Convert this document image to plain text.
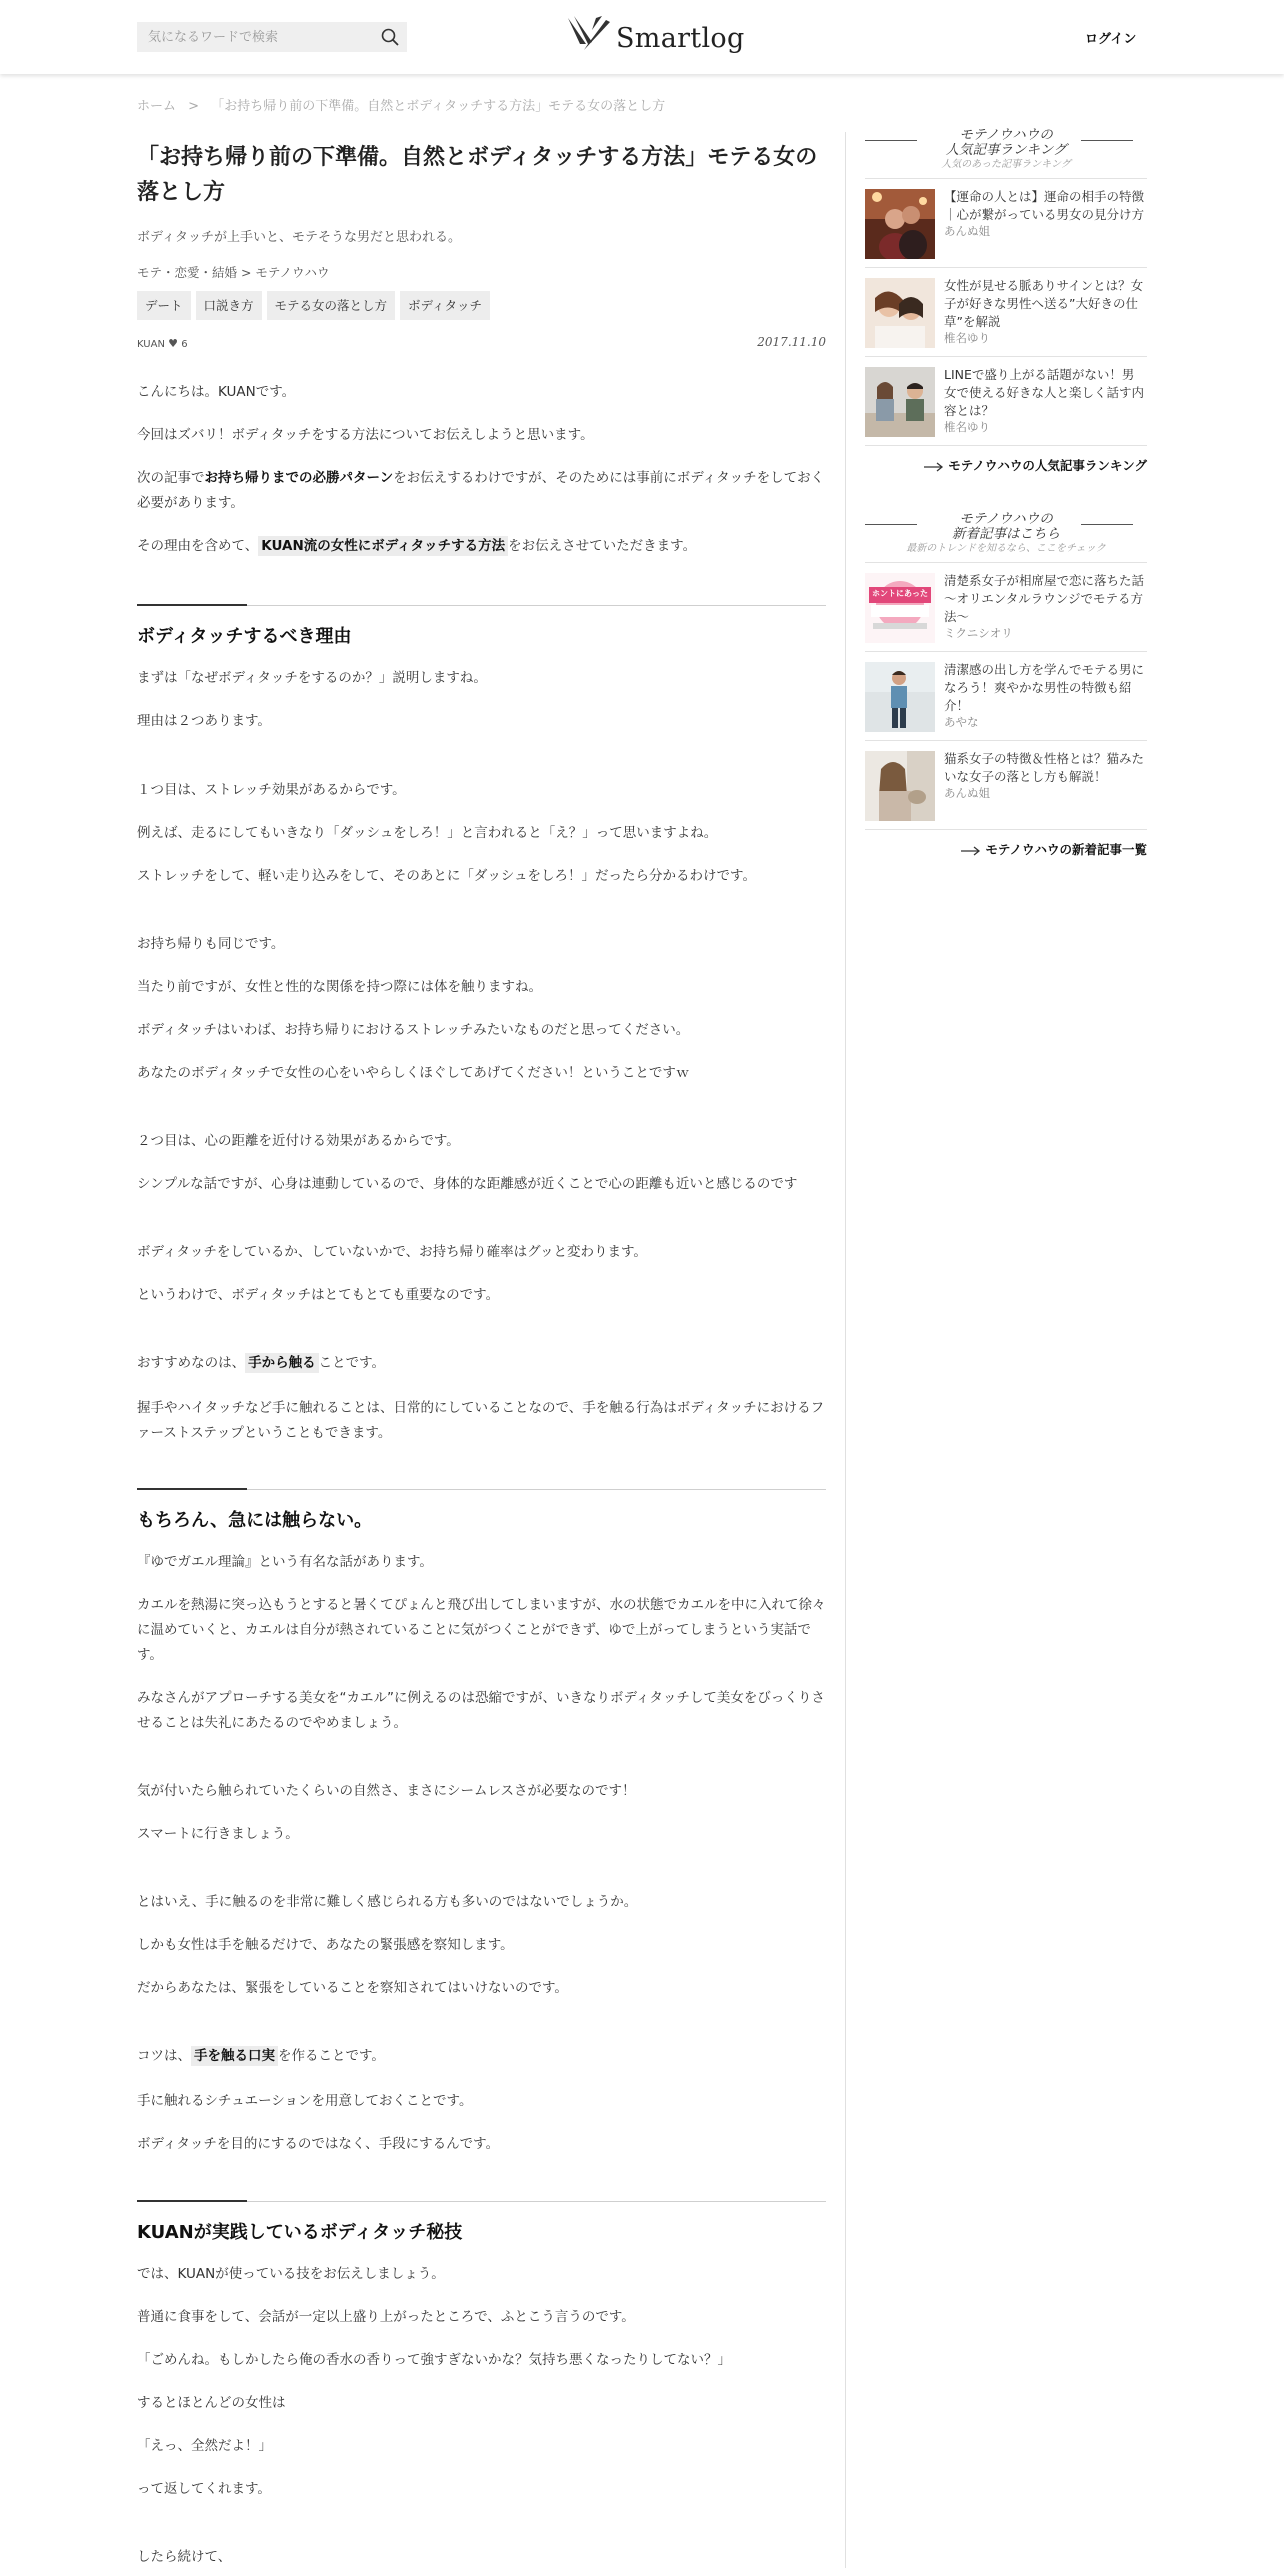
気になるワードで検索
Smartlog	ログイン
ホーム > 「お持ち帰り前の下準備。自然とボディタッチする方法」モテる女の落とし方
「お持ち帰り前の下準備。自然とボディタッチする方法」モテる女の落とし方
ボディタッチが上手いと、モテそうな男だと思われる。
モテ・恋愛・結婚 > モテノウハウ
デート	口説き方	モテる女の落とし方	ボディタッチ
KUAN ♥ 6	2017.11.10

こんにちは。KUANです。

今回はズバリ！ボディタッチをする方法についてお伝えしようと思います。

次の記事でお持ち帰りまでの必勝パターンをお伝えするわけですが、そのためには事前にボディタッチをしておく必要があります。

その理由を含めて、 KUAN流の女性にボディタッチする方法 をお伝えさせていただきます。

ボディタッチするべき理由

まずは「なぜボディタッチをするのか？」説明しますね。

理由は２つあります。

１つ目は、ストレッチ効果があるからです。

例えば、走るにしてもいきなり「ダッシュをしろ！」と言われると「え？」って思いますよね。

ストレッチをして、軽い走り込みをして、そのあとに「ダッシュをしろ！」だったら分かるわけです。

お持ち帰りも同じです。

当たり前ですが、女性と性的な関係を持つ際には体を触りますね。

ボディタッチはいわば、お持ち帰りにおけるストレッチみたいなものだと思ってください。

あなたのボディタッチで女性の心をいやらしくほぐしてあげてください！ということですｗ

２つ目は、心の距離を近付ける効果があるからです。

シンプルな話ですが、心身は連動しているので、身体的な距離感が近くことで心の距離も近いと感じるのです

ボディタッチをしているか、していないかで、お持ち帰り確率はグッと変わります。

というわけで、ボディタッチはとてもとても重要なのです。

おすすめなのは、 手から触る ことです。

握手やハイタッチなど手に触れることは、日常的にしていることなので、手を触る行為はボディタッチにおけるファーストステップということもできます。

もちろん、急には触らない。

『ゆでガエル理論』という有名な話があります。

カエルを熱湯に突っ込もうとすると暑くてぴょんと飛び出してしまいますが、水の状態でカエルを中に入れて徐々に温めていくと、カエルは自分が熱されていることに気がつくことができず、ゆで上がってしまうという実話です。

みなさんがアプローチする美女を“カエル”に例えるのは恐縮ですが、いきなりボディタッチして美女をびっくりさせることは失礼にあたるのでやめましょう。

気が付いたら触られていたくらいの自然さ、まさにシームレスさが必要なのです！

スマートに行きましょう。

とはいえ、手に触るのを非常に難しく感じられる方も多いのではないでしょうか。

しかも女性は手を触るだけで、あなたの緊張感を察知します。

だからあなたは、緊張をしていることを察知されてはいけないのです。

コツは、 手を触る口実 を作ることです。

手に触れるシチュエーションを用意しておくことです。

ボディタッチを目的にするのではなく、手段にするんです。

KUANが実践しているボディタッチ秘技

では、KUANが使っている技をお伝えしましょう。

普通に食事をして、会話が一定以上盛り上がったところで、ふとこう言うのです。

「ごめんね。もしかしたら俺の香水の香りって強すぎないかな？気持ち悪くなったりしてない？」

するとほとんどの女性は

「えっ、全然だよ！」

って返してくれます。

したら続けて、

モテノウハウの
人気記事ランキング
人気のあった記事ランキング
【運命の人とは】運命の相手の特徴｜心が繋がっている男女の見分け方
あんぬ姐
女性が見せる脈ありサインとは？女子が好きな男性へ送る”大好きの仕草”を解説
椎名ゆり
LINEで盛り上がる話題がない！男女で使える好きな人と楽しく話す内容とは？
椎名ゆり
モテノウハウの人気記事ランキング
モテノウハウの
新着記事はこちら
最新のトレンドを知るなら、ここをチェック
ホントにあった 相席屋での恋
清楚系女子が相席屋で恋に落ちた話 〜オリエンタルラウンジでモテる方法〜
ミクニシオリ
清潔感の出し方を学んでモテる男になろう！爽やかな男性の特徴も紹介！
あやな
猫系女子の特徴＆性格とは？猫みたいな女子の落とし方も解説！
あんぬ姐
モテノウハウの新着記事一覧
